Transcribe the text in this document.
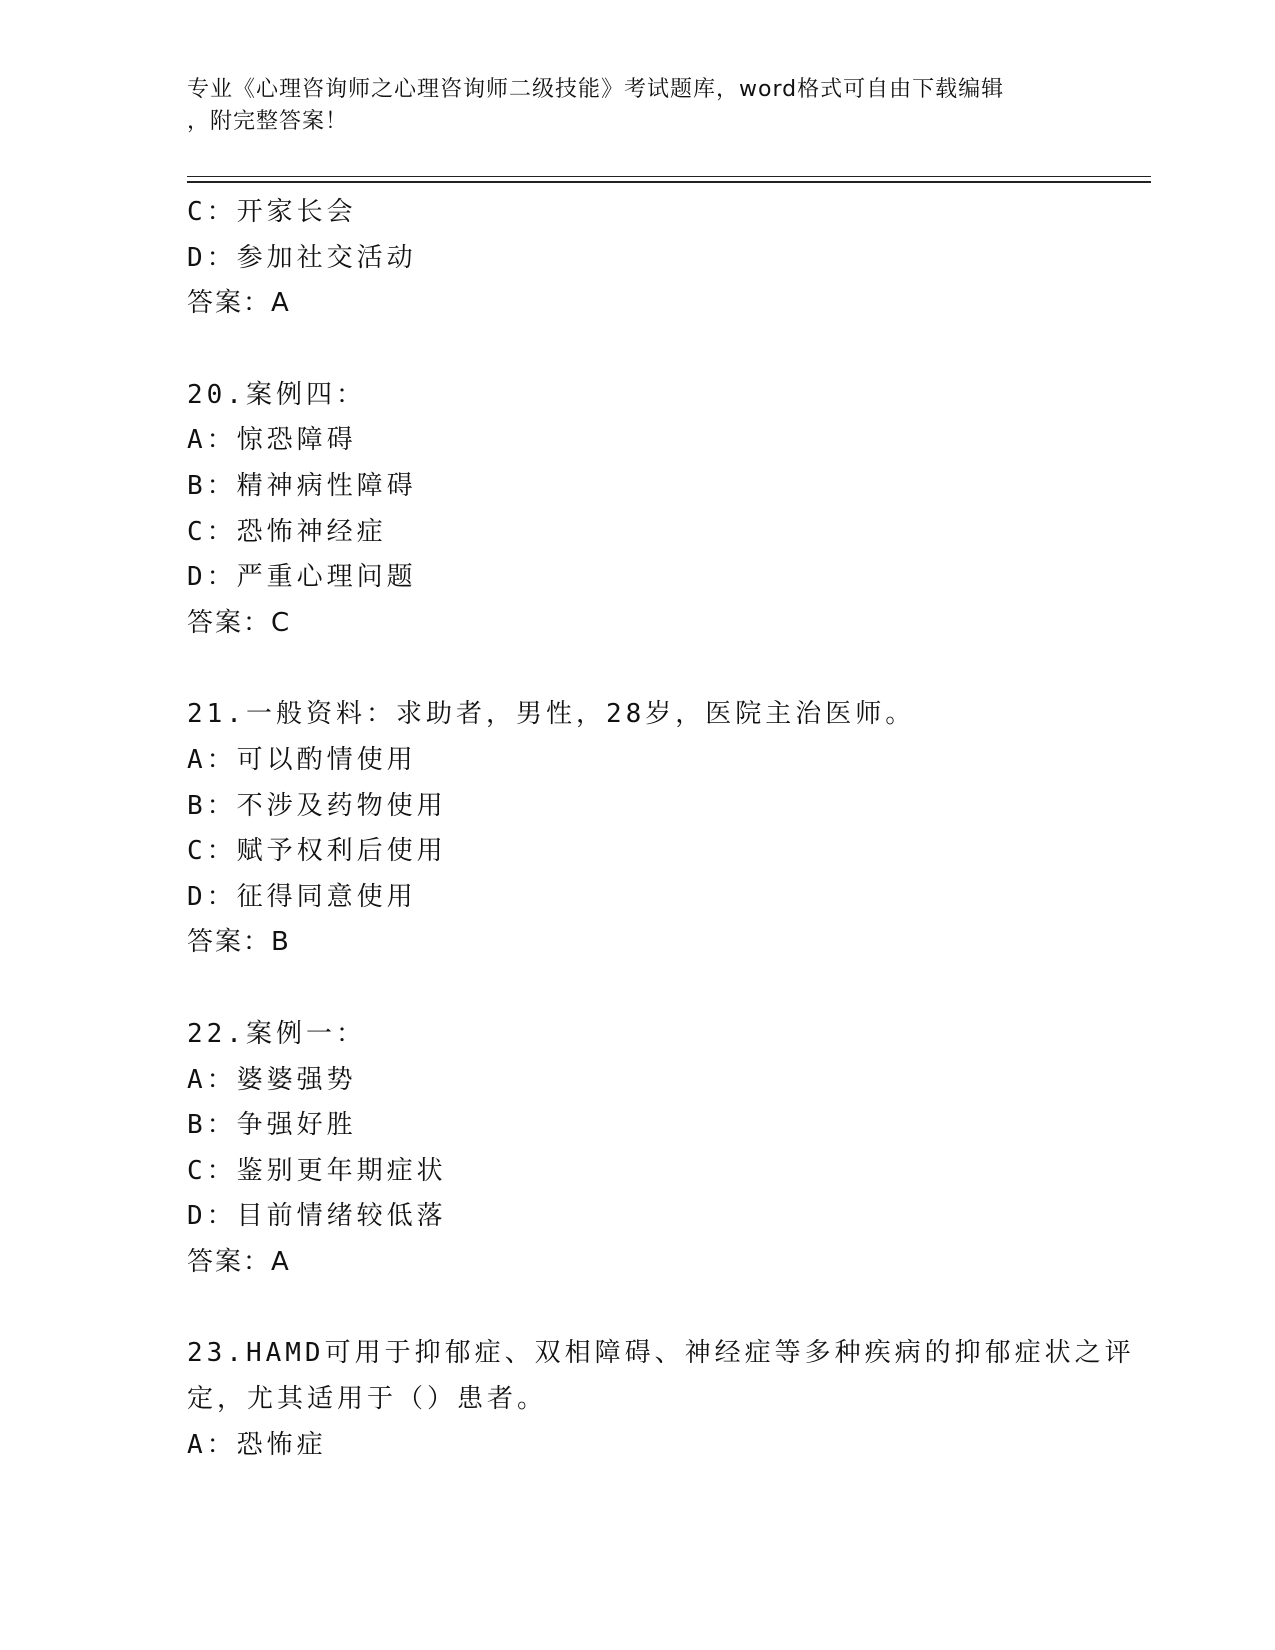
专业《心理咨询师之心理咨询师二级技能》考试题库，word格式可自由下载编辑
，附完整答案！
C：开家长会
D：参加社交活动
答案：A
20.案例四：
A：惊恐障碍
B：精神病性障碍
C：恐怖神经症
D：严重心理问题
答案：C
21.一般资料：求助者，男性，28岁，医院主治医师。
A：可以酌情使用
B：不涉及药物使用
C：赋予权利后使用
D：征得同意使用
答案：B
22.案例一：
A：婆婆强势
B：争强好胜
C：鉴别更年期症状
D：目前情绪较低落
答案：A
23.HAMD可用于抑郁症、双相障碍、神经症等多种疾病的抑郁症状之评
定，尤其适用于（）患者。
A：恐怖症
